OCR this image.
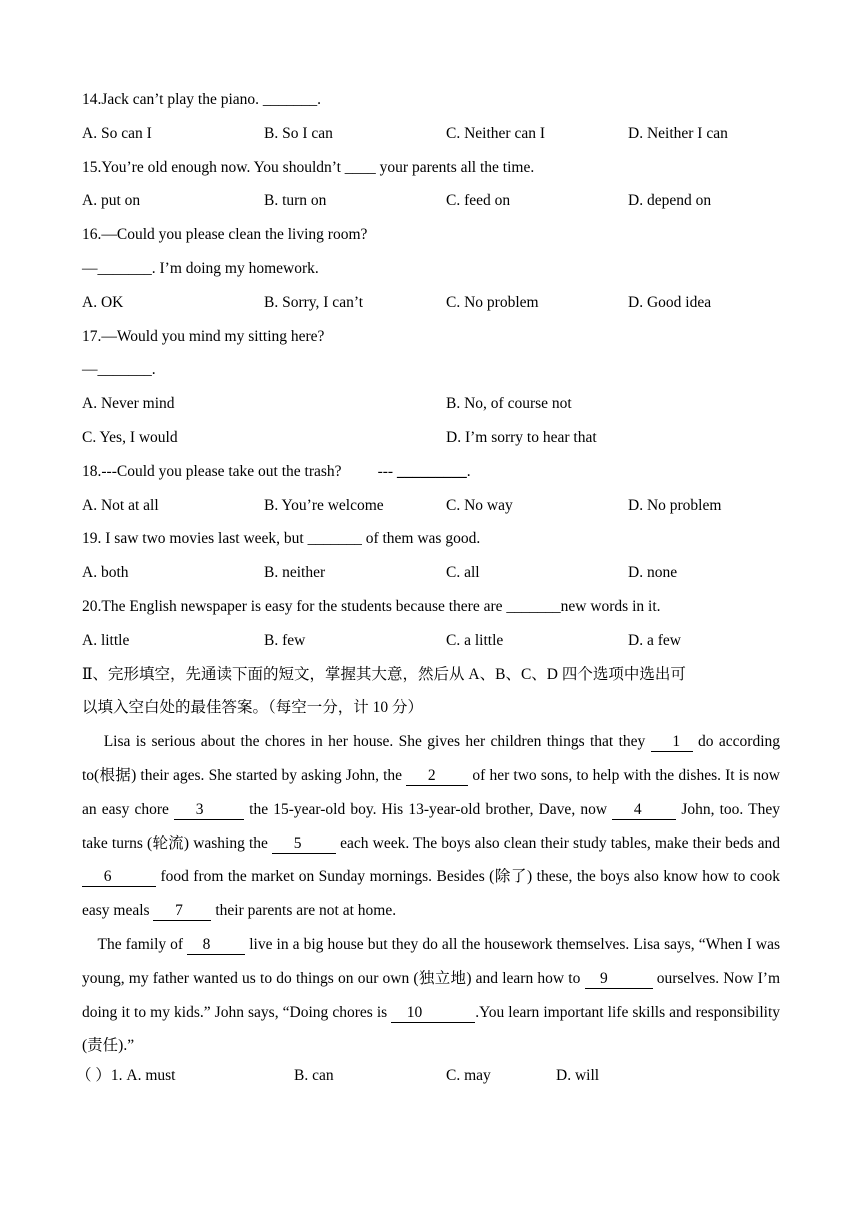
14.Jack can’t play the piano. _______.
A. So can I	B. So I can	C. Neither can I	D. Neither I can
15.You’re old enough now. You shouldn’t ____ your parents all the time.
A. put on	B. turn on	C. feed on	D. depend on
16.—Could you please clean the living room?
—_______. I’m doing my homework.
A. OK	B. Sorry, I can’t	C. No problem	D. Good idea
17.—Would you mind my sitting here?
—_______.
A. Never mind	B. No, of course not
C. Yes, I would	D. I’m sorry to hear that
18.---Could you please take out the trash? --- _________.
A. Not at all	B. You’re welcome	C. No way	D. No problem
19. I saw two movies last week, but _______ of them was good.
A. both	B. neither	C. all	D. none
20.The English newspaper is easy for the students because there are _______new words in it.
A. little	B. few	C. a little	D. a few
Ⅱ、完形填空，先通读下面的短文，掌握其大意，然后从 A、B、C、D 四个选项中选出可
以填入空白处的最佳答案。（每空一分，计 10 分）
Lisa is serious about the chores in her house. She gives her children things that they 1 do according to(根据) their ages. She started by asking John, the 2 of her two sons, to help with the dishes. It is now an easy chore 3	the 15-year-old boy. His 13-year-old brother, Dave, now 4 John, too. They take turns (轮流) washing the 5 each week. The boys also clean their study tables, make their beds and 6	food from the market on Sunday mornings. Besides (除了) these, the boys also know how to cook easy meals 7 their parents are not at home.
The family of 8 live in a big house but they do all the housework themselves. Lisa says, “When I was young, my father wanted us to do things on our own (独立地) and learn how to 9	ourselves. Now I’m doing it to my kids.” John says, “Doing chores is 10	.You learn important life skills and responsibility (责任).”
（ ）1. A. must	B. can	C. may	D. will
